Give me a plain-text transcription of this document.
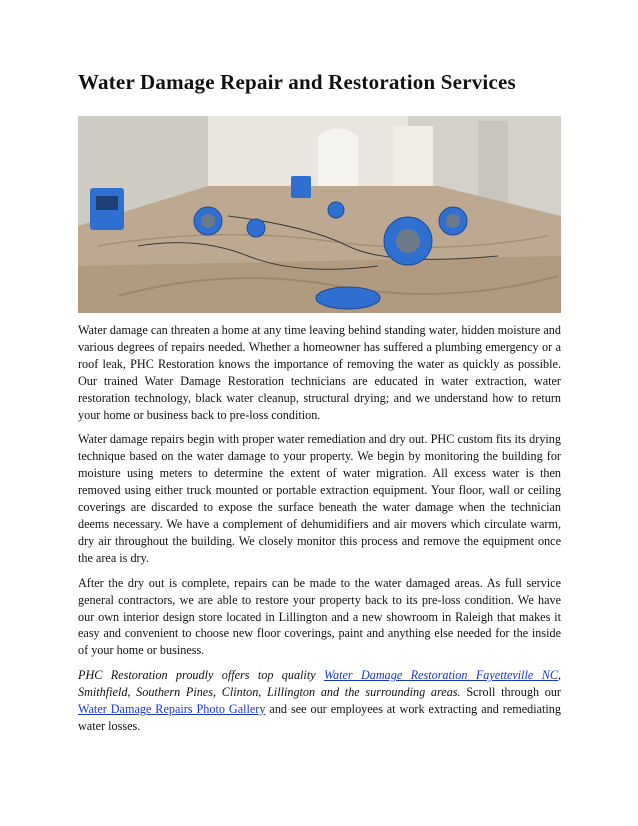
Water Damage Repair and Restoration Services

Water damage can threaten a home at any time leaving behind standing water, hidden moisture and various degrees of repairs needed. Whether a homeowner has suffered a plumbing emergency or a roof leak, PHC Restoration knows the importance of removing the water as quickly as possible. Our trained Water Damage Restoration technicians are educated in water extraction, water restoration technology, black water cleanup, structural drying; and we understand how to return your home or business back to pre-loss condition.

Water damage repairs begin with proper water remediation and dry out. PHC custom fits its drying technique based on the water damage to your property. We begin by monitoring the building for moisture using meters to determine the extent of water migration. All excess water is then removed using either truck mounted or portable extraction equipment. Your floor, wall or ceiling coverings are discarded to expose the surface beneath the water damage when the technician deems necessary. We have a complement of dehumidifiers and air movers which circulate warm, dry air throughout the building. We closely monitor this process and remove the equipment once the area is dry.

After the dry out is complete, repairs can be made to the water damaged areas. As full service general contractors, we are able to restore your property back to its pre-loss condition. We have our own interior design store located in Lillington and a new showroom in Raleigh that makes it easy and convenient to choose new floor coverings, paint and anything else needed for the inside of your home or business.

PHC Restoration proudly offers top quality Water Damage Restoration Fayetteville NC, Smithfield, Southern Pines, Clinton, Lillington and the surrounding areas. Scroll through our Water Damage Repairs Photo Gallery and see our employees at work extracting and remediating water losses.
